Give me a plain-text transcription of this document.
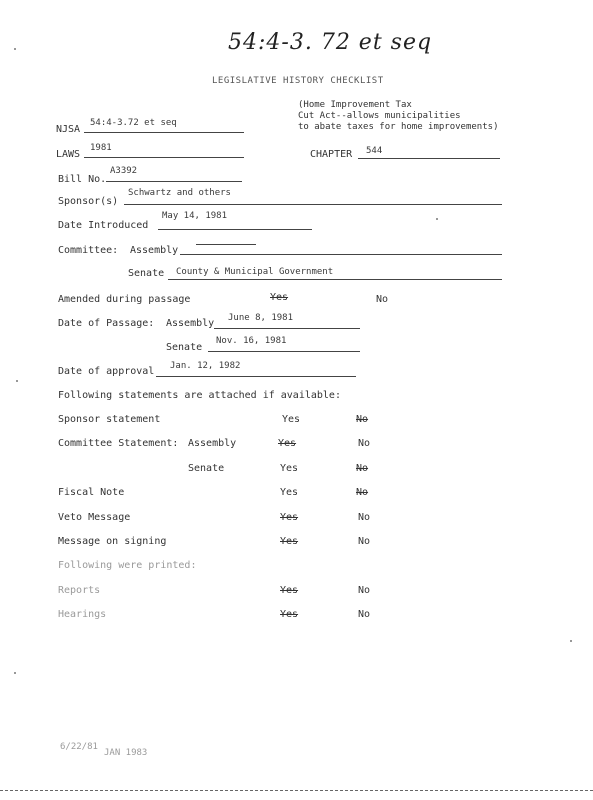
54:4-3. 72 et seq
LEGISLATIVE HISTORY CHECKLIST
(Home Improvement Tax
Cut Act--allows municipalities
to abate taxes for home improvements)
NJSA
54:4-3.72 et seq
LAWS
1981
CHAPTER 544
Bill No.
A3392
Sponsor(s)
Schwartz and others
Date Introduced
May 14, 1981
Committee: Assembly
Senate County & Municipal Government
Amended during passage	Yes	No
Date of Passage: Assembly June 8, 1981
Senate
Nov. 16, 1981
Date of approval Jan. 12, 1982
Following statements are attached if available:
Sponsor statement	Yes	No
Committee Statement: Assembly	Yes	No
Senate	Yes	No
Fiscal Note	Yes	No
Veto Message	Yes	No
Message on signing	Yes	No
Following were printed:
Reports	Yes	No
Hearings	Yes	No
6/22/81
JAN 1983
